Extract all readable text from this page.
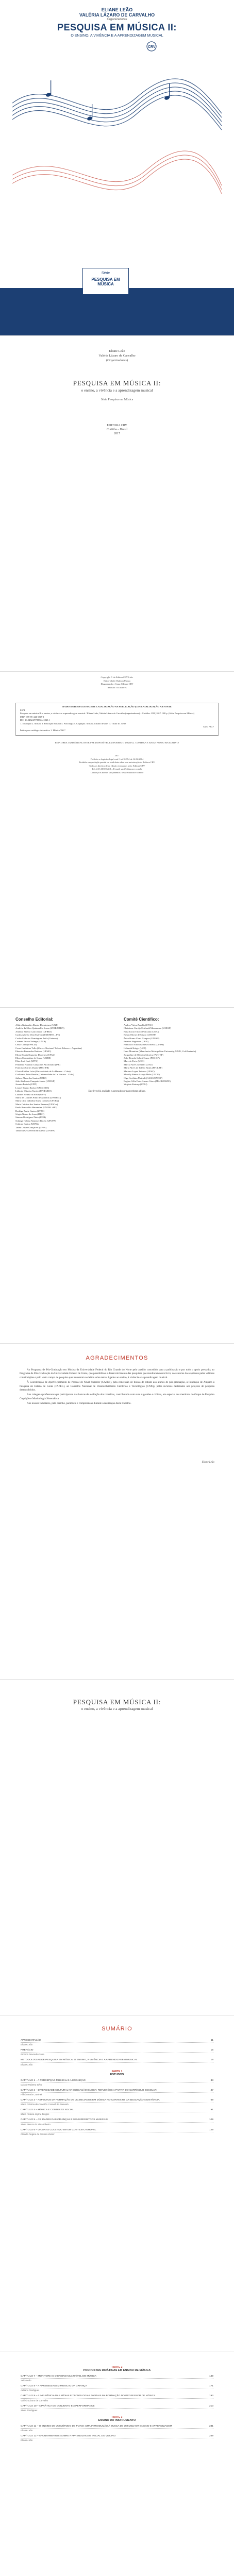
ELIANE LEÃO
VALÉRIA LÁZARO DE CARVALHO
Organizadoras
PESQUISA EM MÚSICA II:
O ENSINO, A VIVÊNCIA E A APRENDIZAGEM MUSICAL
CRV
Série
PESQUISA EM MÚSICA
Eliane Leão
Valéria Lázaro de Carvalho
(Organizadoras)
PESQUISA EM MÚSICA II:
o ensino, a vivência e a aprendizagem musical
Série Pesquisa em Música
EDITORA CRV
Curitiba – Brasil
2017
Copyright © da Editora CRV Ltda.
Editor-chefe: Railson Moura
Diagramação e Capa: Editora CRV
Revisão: Os Autores
DADOS INTERNACIONAIS DE CATALOGAÇÃO NA PUBLICAÇÃO (CIP) CATALOGAÇÃO NA FONTE
P474
Pesquisa em música II: o ensino, a vivência e a aprendizagem musical / Eliane Leão, Valéria Lázaro de Carvalho (organizadoras) – Curitiba: CRV, 2017. 308 p. (Série Pesquisa em Música)
ISBN 978-85-444-1845-1
DOI 10.24824/978854441845.1
1. Educação 2. Música 3. Educação musical 4. Psicologia 5. Cognição. Música. Ensino de arte. II. Título III. Série
CDD 780.7
Índice para catálogo sistemático 1. Música 780.7
ESTA OBRA TAMBÉM ENCONTRA-SE DISPONÍVEL EM FORMATO DIGITAL. CONHEÇA E BAIXE NOSSO APLICATIVO!
2017
Foi feito o depósito legal conf. Lei 10.994 de 14/12/2004
Proibida a reprodução parcial ou total desta obra sem autorização da Editora CRV
Todos os direitos desta edição reservados pela: Editora CRV
Tel.: (41) 3039-6418 – E-mail: sac@editoracrv.com.br
Conheça os nossos lançamentos: www.editoracrv.com.br
Conselho Editorial:
Aldira Guimarães Duarte Domínguez (UNB)
Andréia da Silva Quintanilha Sousa (UNIR/UFRN)
Antônio Pereira Gaio Júnior (UFRRJ)
Carlos Alberto Vilar Estêvão (UMINHO – PT)
Carlos Federico Dominguez Avila (Unieuro)
Carmen Tereza Velanga (UNIR)
Celso Conti (UFSCar)
Cesar Gerónimo Tello (Univer. Nacional Três de Febrero – Argentina)
Eduardo Fernandes Barbosa (UFMG)
Elione Maria Nogueira Diogenes (UFAL)
Elizeu Clementino de Souza (UNEB)
Élsio José Corá (UFFS)
Fernando Antônio Gonçalves Alcoforado (IPB)
Francisco Carlos Duarte (PUC-PR)
Gloria Fariñas León (Universidade de La Havana – Cuba)
Guillermo Arias Beatón (Universidade de La Havana – Cuba)
Jailson Alves dos Santos (UFRJ)
João Adalberto Campato Junior (UNESP)
Josania Portela (UFPI)
Leonel Severo Rocha (UNISINOS)
Lídia de Oliveira Xavier (UNIEURO)
Lourdes Helena da Silva (UFV)
Maria de Lourdes Pinto de Almeida (UNOESC)
Maria Lília Imbiriba Sousa Colares (UFOPA)
Maria Cristina dos Santos Bezerra (UFSCar)
Paulo Romualdo Hernandes (UNIFAL-MG)
Rodrigo Pratte-Santos (UFES)
Sérgio Nunes de Jesus (IFRO)
Simone Rodrigues Pinto (UNB)
Solange Helena Ximenes-Rocha (UFOPA)
Sydione Santos (UEPG)
Tadeu Oliver Gonçalves (UFPA)
Tania Suely Azevedo Brasileiro (UFOPA)
Comitê Científico:
Andrea Vieira Zanella (UFSC)
Christiane Carrijo Eckhardt Mouammar (UNESP)
Edna Lúcia Tinoco Ponciano (UERJ)
Edson Olivari de Castro (UNESP)
Érico Bruno Viana Campos (UNESP)
Fauston Negreiros (UFPI)
Francisco Nilton Gomes Oliveira (UFSM)
Helmuth Krüger (UCP)
Ilana Mountian (Manchester Metropolitan University, MMU, Grã-Bretanha)
Jacqueline de Oliveira Moreira (PUC-SP)
João Ricardo Lebert Cozac (PUC-SP)
Marcelo Porto (UEG)
Marcia Alves Tassinari (USU)
Maria Alves de Toledo Bruns (FFCLRP)
Mariana Lopez Teixeira (UFSC)
Monilly Ramos Araujo Melo (UFCG)
Olga Ceciliato Mattioli (ASSIS/UNESP)
Regina Célia Faria Amaro Giora (MACKENZIE)
Virgínia Kastrup (UFRJ)
Este livro foi avaliado e aprovado por pareceristas ad hoc.
AGRADECIMENTOS

Ao Programa de Pós-Graduação em Música da Universidade Federal do Rio Grande do Norte pelo auxílio concedido para a publicação e por todo o apoio prestado; ao Programa de Pós-Graduação da Universidade Federal de Goiás, que possibilitou o desenvolvimento das pesquisas que resultaram neste livro; aos autores dos capítulos pelas valiosas contribuições e pelo vasto campo de pesquisa que trouxeram ao leitor sobre temas ligados ao ensino, à vivência e à aprendizagem musical.

À Coordenação de Aperfeiçoamento de Pessoal de Nível Superior (CAPES), pela concessão de bolsas de estudo aos alunos de pós-graduação, à Fundação de Amparo à Pesquisa do Estado de Goiás (FAPEG), ao Conselho Nacional de Desenvolvimento Científico e Tecnológico (CNPq), pelos recursos destinados aos projetos de pesquisa desenvolvidos.

Aos colegas e professores que participaram das bancas de avaliação dos trabalhos, contribuindo com suas sugestões e críticas, em especial aos membros do Grupo de Pesquisa Cognição e Musicologia Sistemática.

Aos nossos familiares, pelo carinho, paciência e compreensão durante a realização deste trabalho.

Eliane Leão
PESQUISA EM MÚSICA II:
o ensino, a vivência e a aprendizagem musical
SUMÁRIO
APRESENTAÇÃO	11
Eliane Leão
PREFÁCIO	15
Ricardo Dourado Freire
METODOLOGIAS DE PESQUISA EM MÚSICA: O ENSINO, A VIVÊNCIA E A APRENDIZAGEM MUSICAL	19
Eliane Leão
PARTE 1
ESTUDOS
CAPÍTULO 1 – A PERCEPÇÃO MUSICAL E A COGNIÇÃO	33
Cássio Roberto Silva
CAPÍTULO 2 – DIVERSIDADE CULTURAL NA EDUCAÇÃO BÁSICA: REFLEXÕES A PARTIR DO CURRÍCULO ESCOLAR	47
Flávia Maria Cruvinel
CAPÍTULO 3 – ASPECTOS DA FORMAÇÃO DE LICENCIADOS EM MÚSICA NO CONTEXTO DA EDUCAÇÃO A DISTÂNCIA	69
Maria Cristina de Carvalho Cascelli de Azevedo
CAPÍTULO 4 – MÚSICA E CONTEXTO SOCIAL	91
Maria Helena Jayme Borges
CAPÍTULO 5 – AS IDADES DAS CRIANÇAS E SEUS REGISTROS MUSICAIS	109
Sônia Tereza da Silva Ribeiro
CAPÍTULO 6 – O CANTO COLETIVO EM UM CONTEXTO GRUPAL	129
Claudia Regina de Oliveira Zanini
PARTE 2
PROPOSTAS DIDÁTICAS EM ENSINO DE MÚSICA
CAPÍTULO 7 – MONITORIA E O ENSINO MULTINÍVEL EM MÚSICA	149
Zelia Leão
CAPÍTULO 8 – A APRENDIZAGEM MUSICAL DA CRIANÇA	171
Adriana Rodrigues
CAPÍTULO 9 – A INFLUÊNCIA DAS MÍDIAS E TECNOLOGIAS DIGITAIS NA FORMAÇÃO DO PROFESSOR DE MÚSICA	193
Valéria Lázaro de Carvalho
CAPÍTULO 10 – A PRÁTICA DE CONJUNTO E A PERFORMANCE	213
Sônia Rodrigues
PARTE 3
ENSINO DO INSTRUMENTO
CAPÍTULO 11 – O ENSINO DE UM MÉTODO DE PIANO: UMA INTRODUÇÃO À BUSCA DE UM MELHOR ENSINO E APRENDIZAGEM	231
Eliane Leão
CAPÍTULO 12 – APONTAMENTOS SOBRE A APRENDIZAGEM INICIAL DO VIOLINO	259
Eliane Leão
